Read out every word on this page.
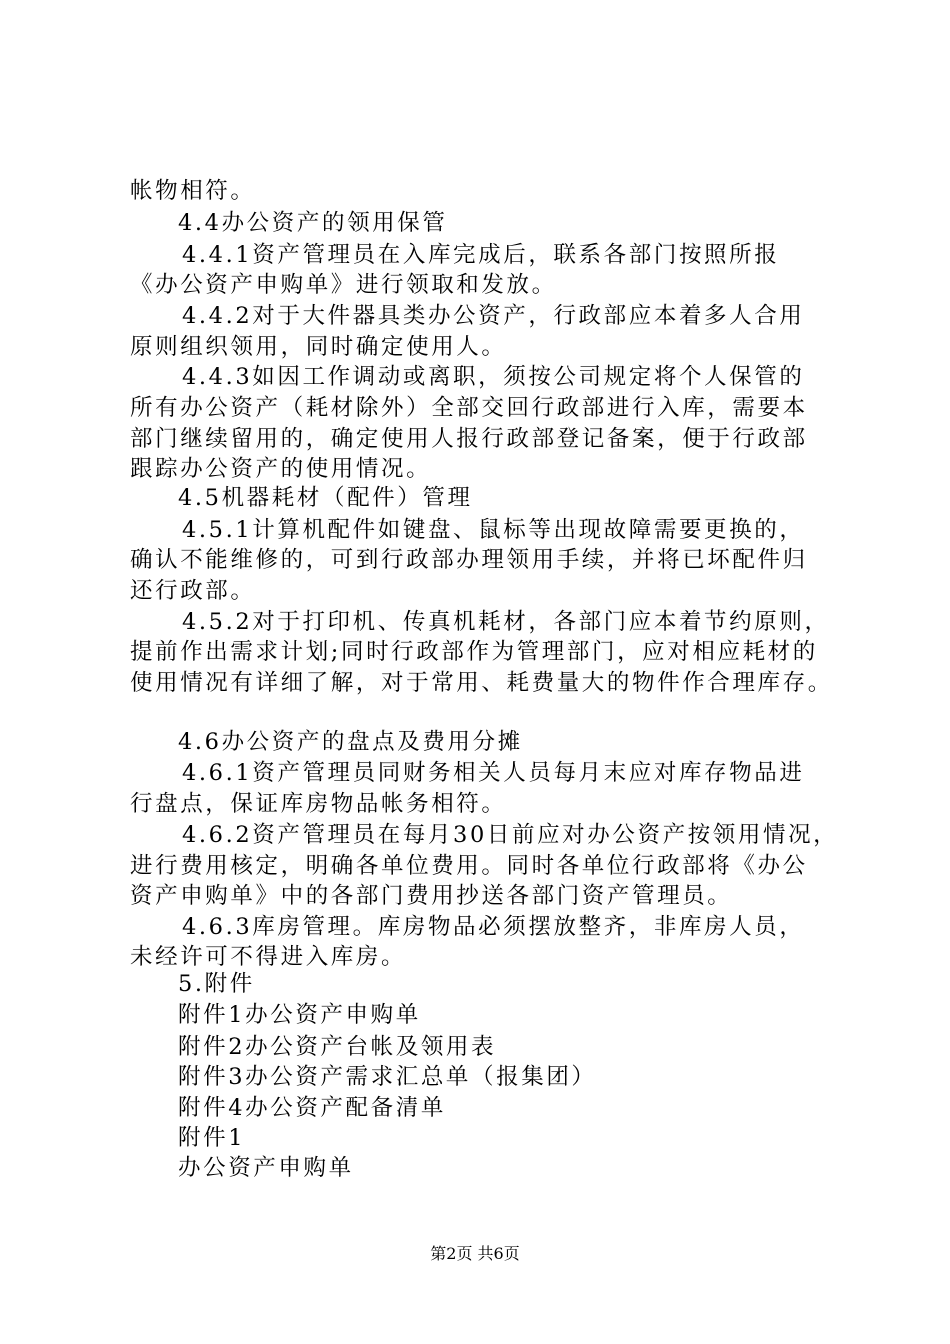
帐物相符。
4.4办公资产的领用保管
4.4.1资产管理员在入库完成后，联系各部门按照所报
《办公资产申购单》进行领取和发放。
4.4.2对于大件器具类办公资产，行政部应本着多人合用
原则组织领用，同时确定使用人。
4.4.3如因工作调动或离职，须按公司规定将个人保管的
所有办公资产（耗材除外）全部交回行政部进行入库，需要本
部门继续留用的，确定使用人报行政部登记备案，便于行政部
跟踪办公资产的使用情况。
4.5机器耗材（配件）管理
4.5.1计算机配件如键盘、鼠标等出现故障需要更换的，
确认不能维修的，可到行政部办理领用手续，并将已坏配件归
还行政部。
4.5.2对于打印机、传真机耗材，各部门应本着节约原则，
提前作出需求计划;同时行政部作为管理部门，应对相应耗材的
使用情况有详细了解，对于常用、耗费量大的物件作合理库存。
4.6办公资产的盘点及费用分摊
4.6.1资产管理员同财务相关人员每月末应对库存物品进
行盘点，保证库房物品帐务相符。
4.6.2资产管理员在每月30日前应对办公资产按领用情况，
进行费用核定，明确各单位费用。同时各单位行政部将《办公
资产申购单》中的各部门费用抄送各部门资产管理员。
4.6.3库房管理。库房物品必须摆放整齐，非库房人员，
未经许可不得进入库房。
5.附件
附件1办公资产申购单
附件2办公资产台帐及领用表
附件3办公资产需求汇总单（报集团）
附件4办公资产配备清单
附件1
办公资产申购单
第2页 共6页
